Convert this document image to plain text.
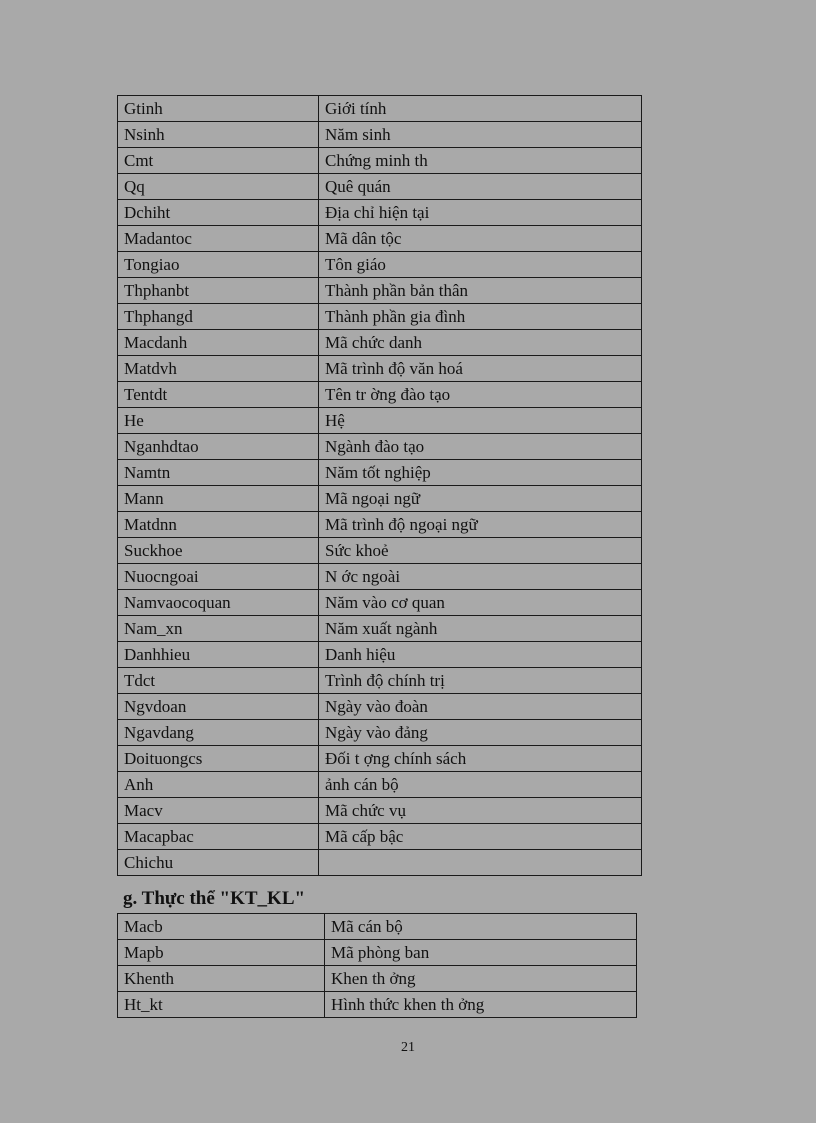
Gtinh	Giới tính
Nsinh	Năm sinh
Cmt	Chứng minh th
Qq	Quê quán
Dchiht	Địa chỉ hiện tại
Madantoc	Mã dân tộc
Tongiao	Tôn giáo
Thphanbt	Thành phần bản thân
Thphangd	Thành phần gia đình
Macdanh	Mã chức danh
Matdvh	Mã trình độ văn hoá
Tentdt	Tên tr ờng đào tạo
He	Hệ
Nganhdtao	Ngành đào tạo
Namtn	Năm tốt nghiệp
Mann	Mã ngoại ngữ
Matdnn	Mã trình độ ngoại ngữ
Suckhoe	Sức khoẻ
Nuocngoai	N ớc ngoài
Namvaocoquan	Năm vào cơ quan
Nam_xn	Năm xuất ngành
Danhhieu	Danh hiệu
Tdct	Trình độ chính trị
Ngvdoan	Ngày vào đoàn
Ngavdang	Ngày vào đảng
Doituongcs	Đối t ợng chính sách
Anh	ảnh cán bộ
Macv	Mã chức vụ
Macapbac	Mã cấp bậc
Chichu	
g. Thực thể "KT_KL"
Macb	Mã cán bộ
Mapb	Mã phòng ban
Khenth	Khen th ởng
Ht_kt	Hình thức khen th ởng
21
